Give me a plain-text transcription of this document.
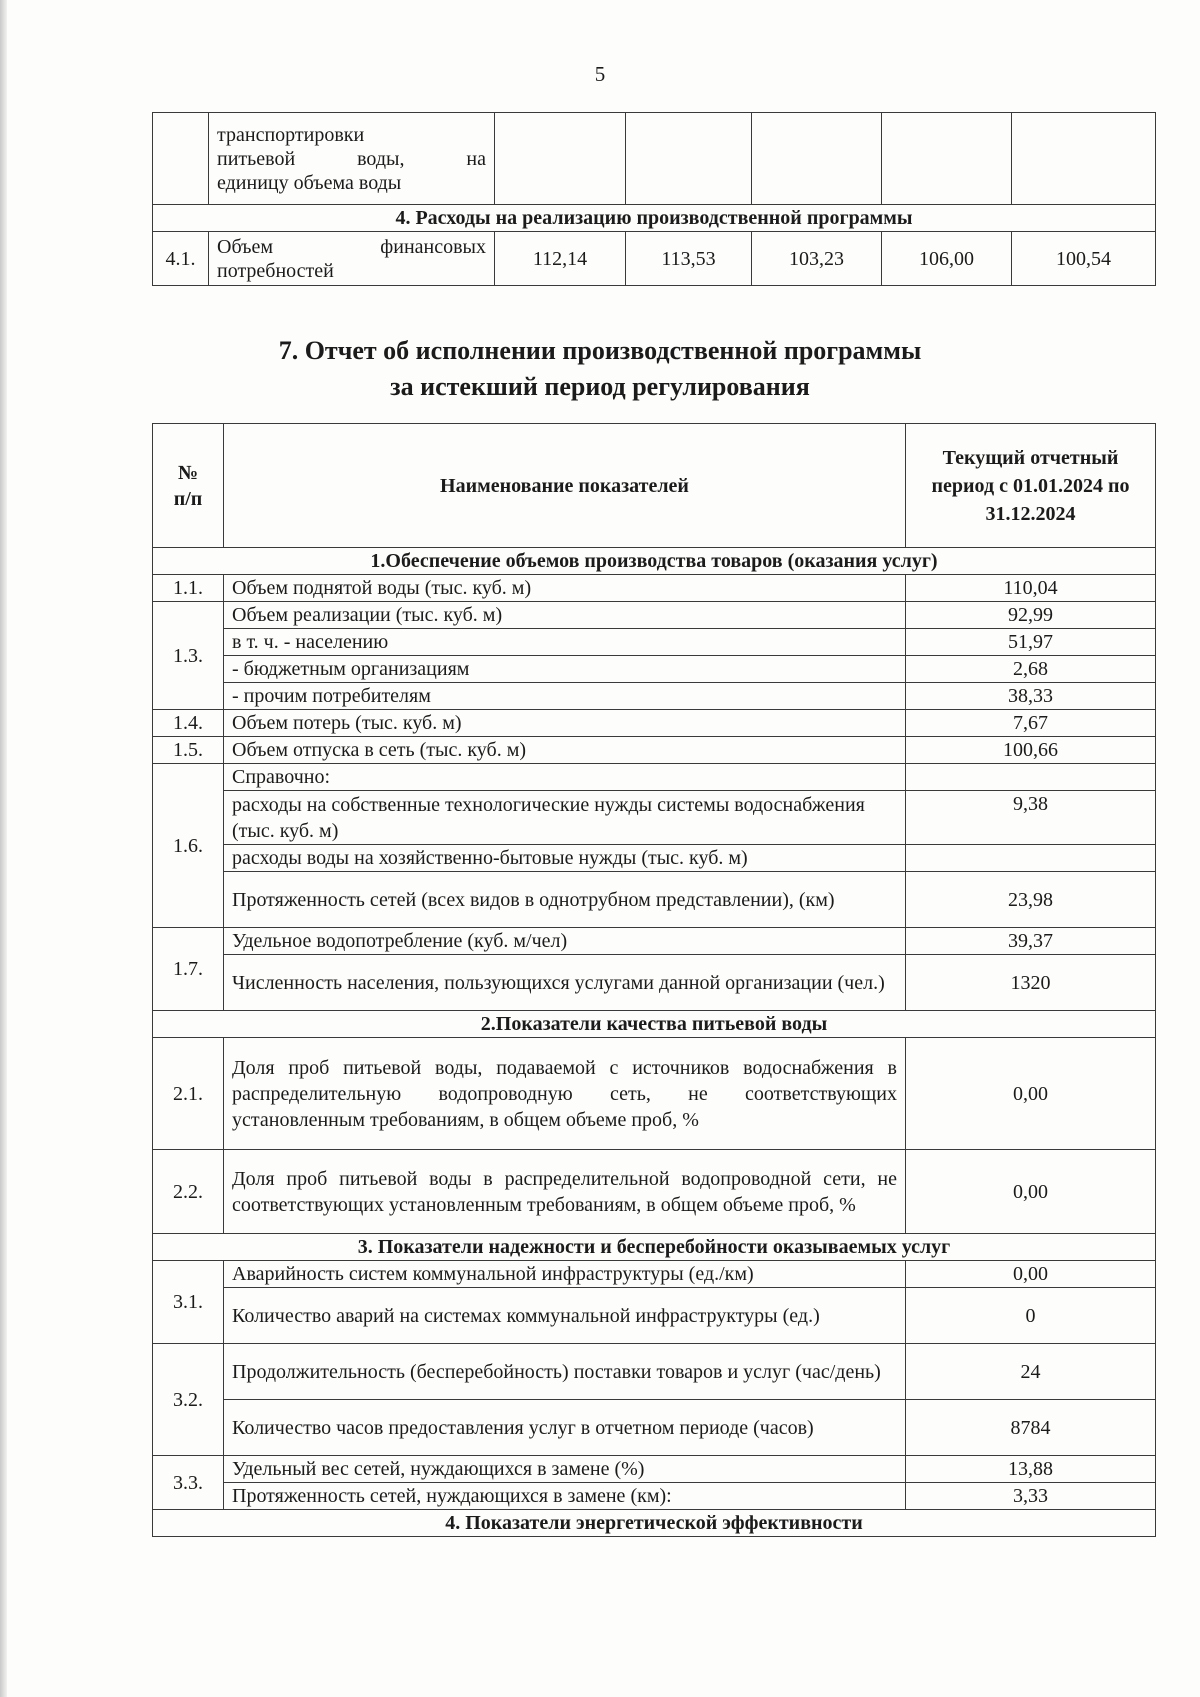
5

	транспортировки
питьевой воды, на
единицу объема воды					

4. Расходы на реализацию производственной программы						
4.1.	Объем финансовых потребностей	112,14	113,53	103,23	106,00	100,54
7. Отчет об исполнении производственной программы
за истекший период регулирования
№ п/п	Наименование показателей	Текущий отчетный период с 01.01.2024 по 31.12.2024
1.Обеспечение объемов производства товаров (оказания услуг)		
1.1.	Объем поднятой воды (тыс. куб. м)	110,04
1.3.	Объем реализации (тыс. куб. м)	92,99
	в т. ч. - населению	51,97
	- бюджетным организациям	2,68
	- прочим потребителям	38,33
1.4.	Объем потерь (тыс. куб. м)	7,67
1.5.	Объем отпуска в сеть (тыс. куб. м)	100,66
1.6.	Справочно:	
	расходы на собственные технологические нужды системы водоснабжения (тыс. куб. м)	9,38
	расходы воды на хозяйственно-бытовые нужды (тыс. куб. м)	
	Протяженность сетей (всех видов в однотрубном представлении), (км)	23,98
1.7.	Удельное водопотребление (куб. м/чел)	39,37
	Численность населения, пользующихся услугами данной организации (чел.)	1320
2.Показатели качества питьевой воды		
2.1.	Доля проб питьевой воды, подаваемой с источников водоснабжения в распределительную водопроводную сеть, не соответствующих установленным требованиям, в общем объеме проб, %	0,00
2.2.	Доля проб питьевой воды в распределительной водопроводной сети, не соответствующих установленным требованиям, в общем объеме проб, %	0,00
3. Показатели надежности и бесперебойности оказываемых услуг		
3.1.	Аварийность систем коммунальной инфраструктуры (ед./км)	0,00
	Количество аварий на системах коммунальной инфраструктуры (ед.)	0
3.2.	Продолжительность (бесперебойность) поставки товаров и услуг (час/день)	24
	Количество часов предоставления услуг в отчетном периоде (часов)	8784
3.3.	Удельный вес сетей, нуждающихся в замене (%)	13,88
	Протяженность сетей, нуждающихся в замене (км):	3,33
4. Показатели энергетической эффективности		
